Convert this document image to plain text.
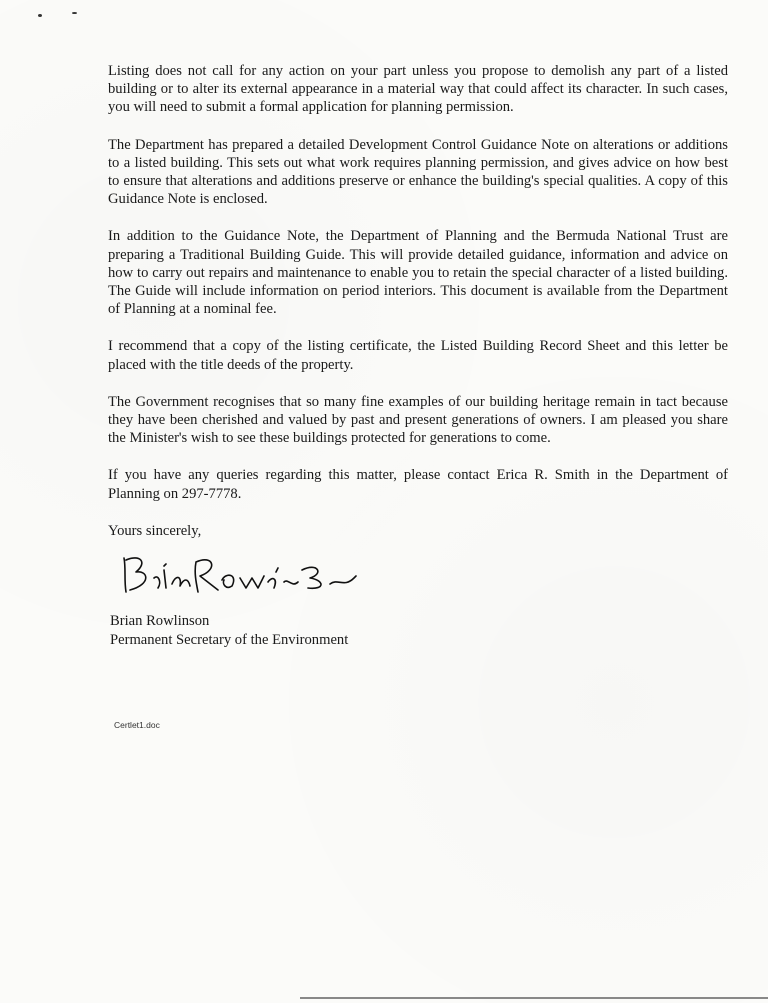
Listing does not call for any action on your part unless you propose to demolish any part of a listed building or to alter its external appearance in a material way that could affect its character. In such cases, you will need to submit a formal application for planning permission.

The Department has prepared a detailed Development Control Guidance Note on alterations or additions to a listed building. This sets out what work requires planning permission, and gives advice on how best to ensure that alterations and additions preserve or enhance the building's special qualities. A copy of this Guidance Note is enclosed.

In addition to the Guidance Note, the Department of Planning and the Bermuda National Trust are preparing a Traditional Building Guide. This will provide detailed guidance, information and advice on how to carry out repairs and maintenance to enable you to retain the special character of a listed building. The Guide will include information on period interiors. This document is available from the Department of Planning at a nominal fee.

I recommend that a copy of the listing certificate, the Listed Building Record Sheet and this letter be placed with the title deeds of the property.

The Government recognises that so many fine examples of our building heritage remain in tact because they have been cherished and valued by past and present generations of owners. I am pleased you share the Minister's wish to see these buildings protected for generations to come.

If you have any queries regarding this matter, please contact Erica R. Smith in the Department of Planning on 297-7778.

Yours sincerely,

Brian Rowlinson
Permanent Secretary of the Environment
Certlet1.doc
